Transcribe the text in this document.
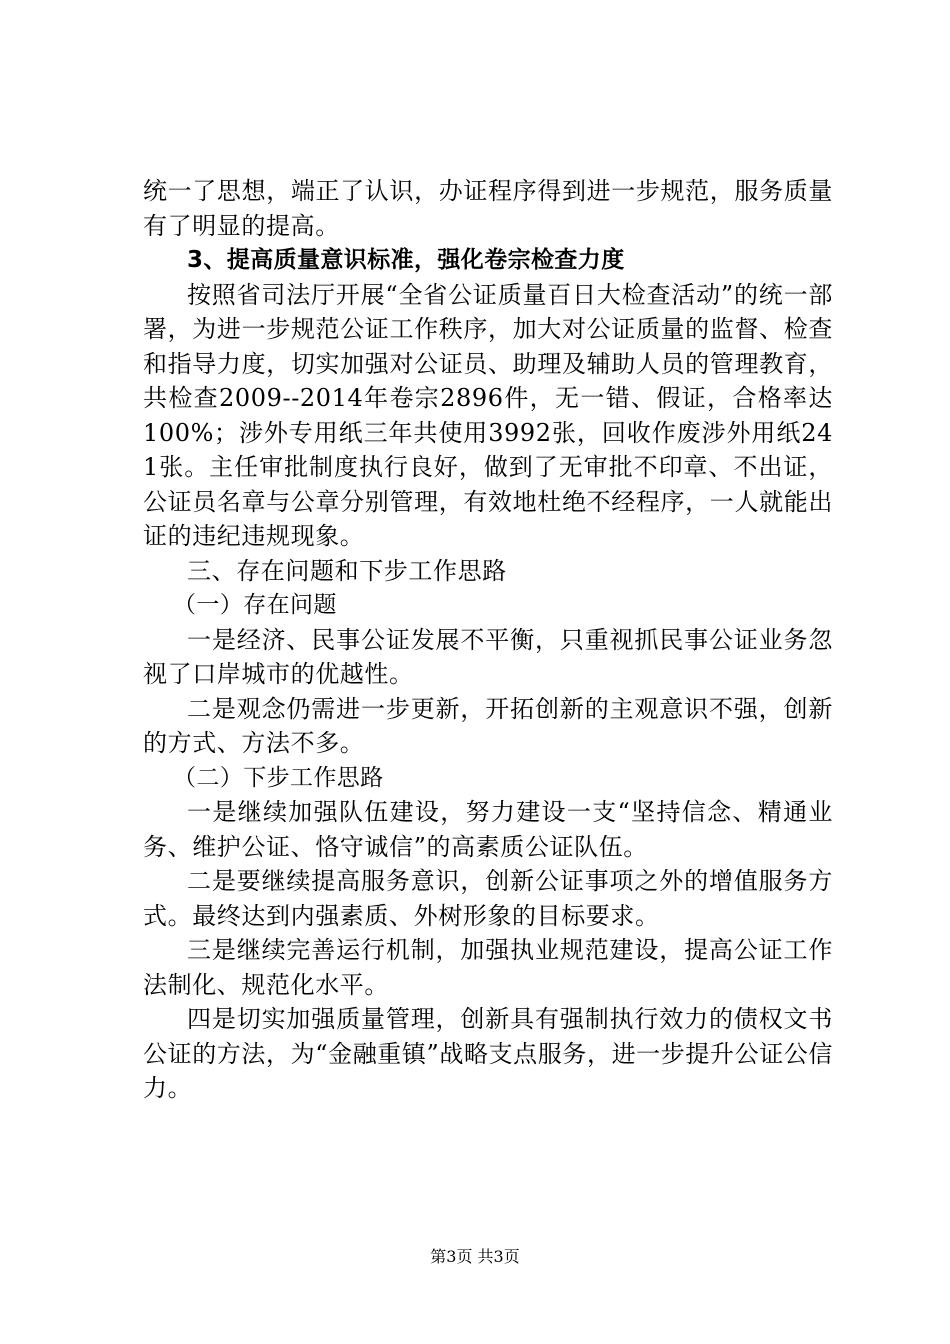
统一了思想，端正了认识，办证程序得到进一步规范，服务质量有了明显的提高。

3、提高质量意识标准，强化卷宗检查力度

按照省司法厅开展“全省公证质量百日大检查活动”的统一部署，为进一步规范公证工作秩序，加大对公证质量的监督、检查和指导力度，切实加强对公证员、助理及辅助人员的管理教育，共检查2009--2014年卷宗2896件，无一错、假证，合格率达100%；涉外专用纸三年共使用3992张，回收作废涉外用纸241张。主任审批制度执行良好，做到了无审批不印章、不出证，公证员名章与公章分别管理，有效地杜绝不经程序，一人就能出证的违纪违规现象。

三、存在问题和下步工作思路

（一）存在问题

一是经济、民事公证发展不平衡，只重视抓民事公证业务忽视了口岸城市的优越性。

二是观念仍需进一步更新，开拓创新的主观意识不强，创新的方式、方法不多。

（二）下步工作思路

一是继续加强队伍建设，努力建设一支“坚持信念、精通业务、维护公证、恪守诚信”的高素质公证队伍。

二是要继续提高服务意识，创新公证事项之外的增值服务方式。最终达到内强素质、外树形象的目标要求。

三是继续完善运行机制，加强执业规范建设，提高公证工作法制化、规范化水平。

四是切实加强质量管理，创新具有强制执行效力的债权文书公证的方法，为“金融重镇”战略支点服务，进一步提升公证公信力。

第3页 共3页
